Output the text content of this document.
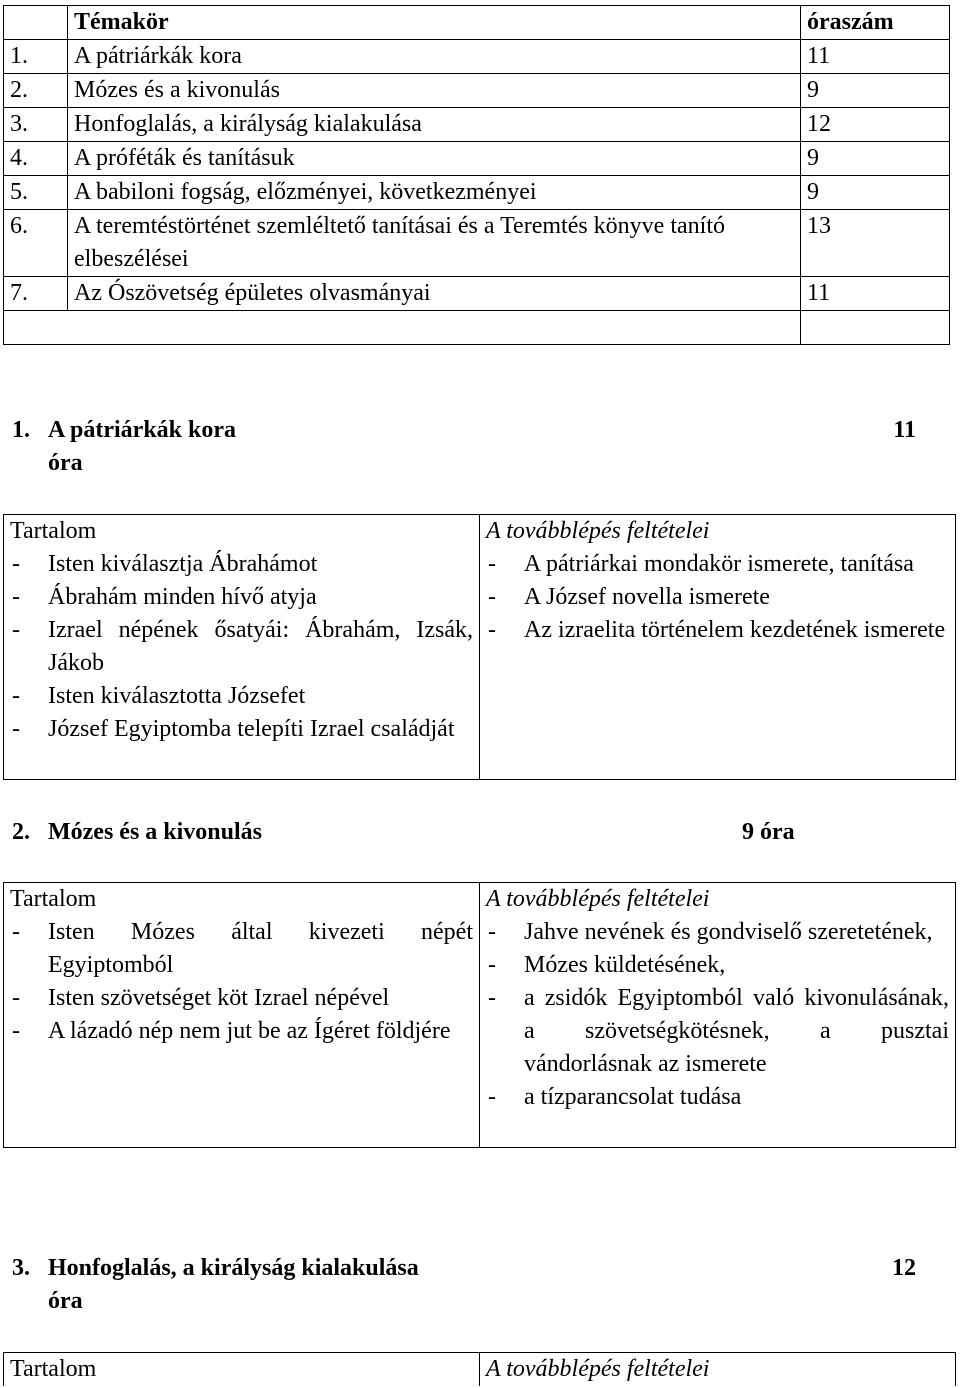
	Témakör	óraszám
1.	A pátriárkák kora	11
2.	Mózes és a kivonulás	9
3.	Honfoglalás, a királyság kialakulása	12
4.	A próféták és tanításuk	9
5.	A babiloni fogság, előzményei, következményei	9
6.	A teremtéstörténet szemléltető tanításai és a Teremtés könyve tanító elbeszélései	13
7.	Az Ószövetség épületes olvasmányai	11

1. A pátriárkák kora	11
óra
Tartalom
- Isten kiválasztja Ábrahámot
- Ábrahám minden hívő atyja
- Izrael népének ősatyái: Ábrahám, Izsák, Jákob
- Isten kiválasztotta Józsefet
- József Egyiptomba telepíti Izrael családját

A továbblépés feltételei
- A pátriárkai mondakör ismerete, tanítása
- A József novella ismerete
- Az izraelita történelem kezdetének ismerete
2. Mózes és a kivonulás	9 óra
Tartalom
- Isten Mózes által kivezeti népét Egyiptomból
- Isten szövetséget köt Izrael népével
- A lázadó nép nem jut be az Ígéret földjére

A továbblépés feltételei
- Jahve nevének és gondviselő szeretetének,
- Mózes küldetésének,
- a zsidók Egyiptomból való kivonulásának, a szövetségkötésnek, a pusztai vándorlásnak az ismerete
- a tízparancsolat tudása
3. Honfoglalás, a királyság kialakulása	12
óra
Tartalom	A továbblépés feltételei
